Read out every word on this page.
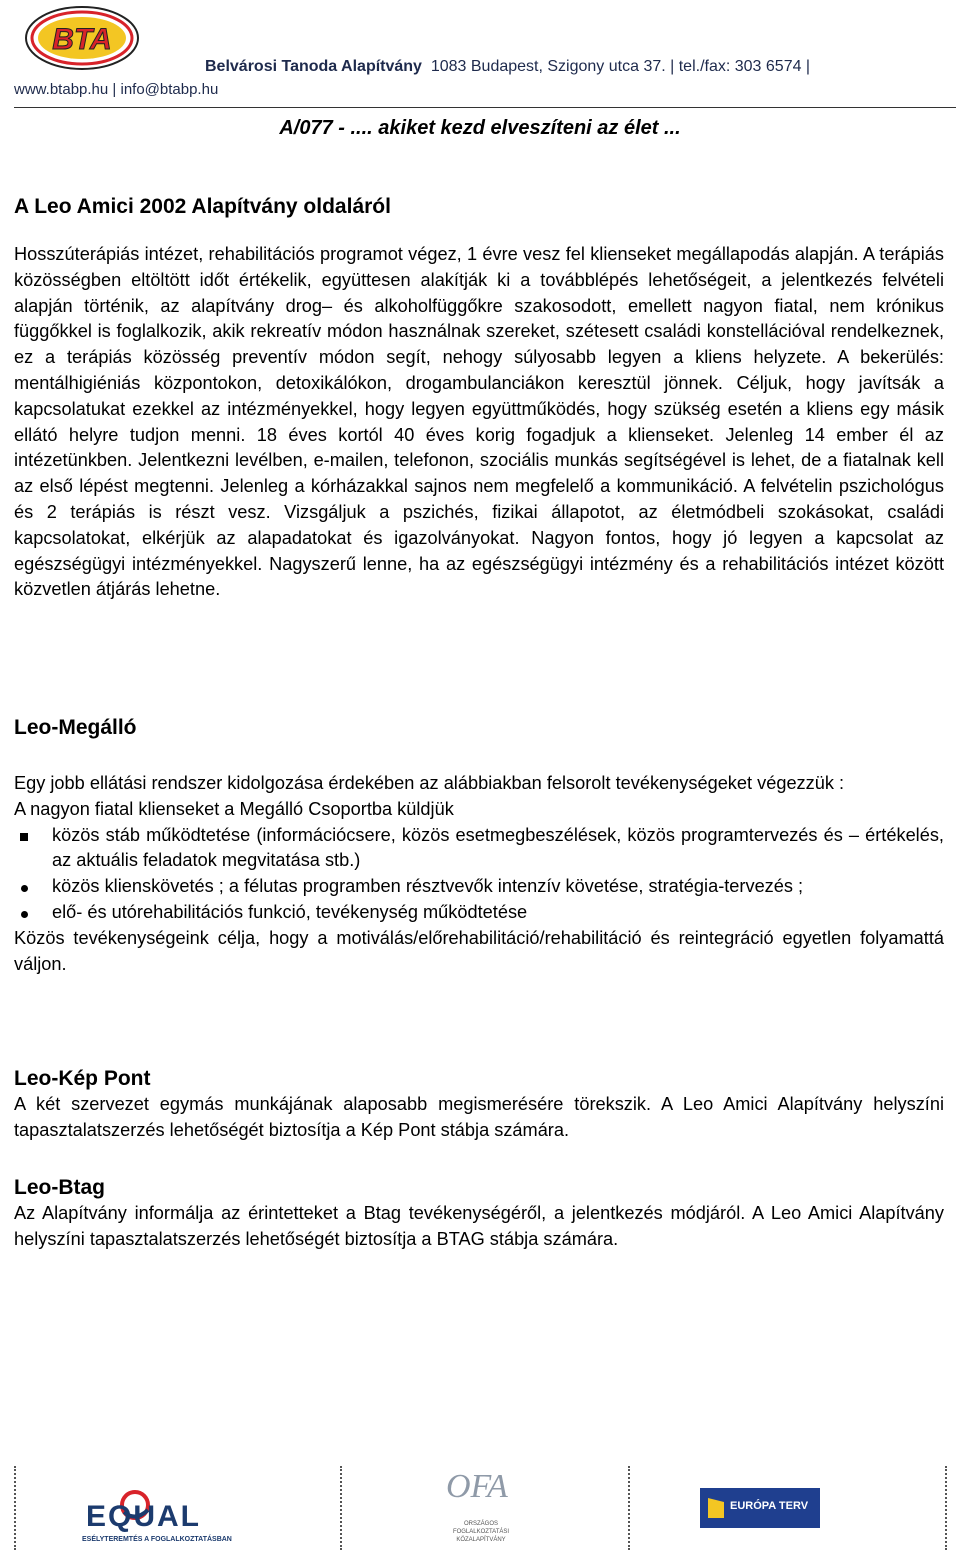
BTA
Belvárosi Tanoda Alapítvány 1083 Budapest, Szigony utca 37. | tel./fax: 303 6574 |
www.btabp.hu | info@btabp.hu
A/077 - .... akiket kezd elveszíteni az élet ...
A Leo Amici 2002 Alapítvány oldaláról

Hosszúterápiás intézet, rehabilitációs programot végez, 1 évre vesz fel klienseket megállapodás alapján. A terápiás közösségben eltöltött időt értékelik, együttesen alakítják ki a továbblépés lehetőségeit, a jelentkezés felvételi alapján történik, az alapítvány drog– és alkoholfüggőkre szakosodott, emellett nagyon fiatal, nem krónikus függőkkel is foglalkozik, akik rekreatív módon használnak szereket, szétesett családi konstellációval rendelkeznek, ez a terápiás közösség preventív módon segít, nehogy súlyosabb legyen a kliens helyzete. A bekerülés: mentálhigiéniás központokon, detoxikálókon, drogambulanciákon keresztül jönnek. Céljuk, hogy javítsák a kapcsolatukat ezekkel az intézményekkel, hogy legyen együttműködés, hogy szükség esetén a kliens egy másik ellátó helyre tudjon menni. 18 éves kortól 40 éves korig fogadjuk a klienseket. Jelenleg 14 ember él az intézetünkben. Jelentkezni levélben, e-mailen, telefonon, szociális munkás segítségével is lehet, de a fiatalnak kell az első lépést megtenni. Jelenleg a kórházakkal sajnos nem megfelelő a kommunikáció. A felvételin pszichológus és 2 terápiás is részt vesz. Vizsgáljuk a pszichés, fizikai állapotot, az életmódbeli szokásokat, családi kapcsolatokat, elkérjük az alapadatokat és igazolványokat. Nagyon fontos, hogy jó legyen a kapcsolat az egészségügyi intézményekkel. Nagyszerű lenne, ha az egészségügyi intézmény és a rehabilitációs intézet között közvetlen átjárás lehetne.

Leo-Megálló

Egy jobb ellátási rendszer kidolgozása érdekében az alábbiakban felsorolt tevékenységeket végezzük :

A nagyon fiatal klienseket a Megálló Csoportba küldjük

közös stáb működtetése (információcsere, közös esetmegbeszélések, közös programtervezés és – értékelés, az aktuális feladatok megvitatása stb.)
közös klienskövetés ; a félutas programben résztvevők intenzív követése, stratégia-tervezés ;
elő- és utórehabilitációs funkció, tevékenység működtetése

Közös tevékenységeink célja, hogy a motiválás/előrehabilitáció/rehabilitáció és reintegráció egyetlen folyamattá váljon.

Leo-Kép Pont

A két szervezet egymás munkájának alaposabb megismerésére törekszik. A Leo Amici Alapítvány helyszíni tapasztalatszerzés lehetőségét biztosítja a Kép Pont stábja számára.

Leo-Btag

Az Alapítvány informálja az érintetteket a Btag tevékenységéről, a jelentkezés módjáról. A Leo Amici Alapítvány helyszíni tapasztalatszerzés lehetőségét biztosítja a BTAG stábja számára.

EQUAL
ESÉLYTEREMTÉS A FOGLALKOZTATÁSBAN
OFA
ORSZÁGOS FOGLALKOZTATÁSI KÖZALAPÍTVÁNY
EURÓPA TERV
